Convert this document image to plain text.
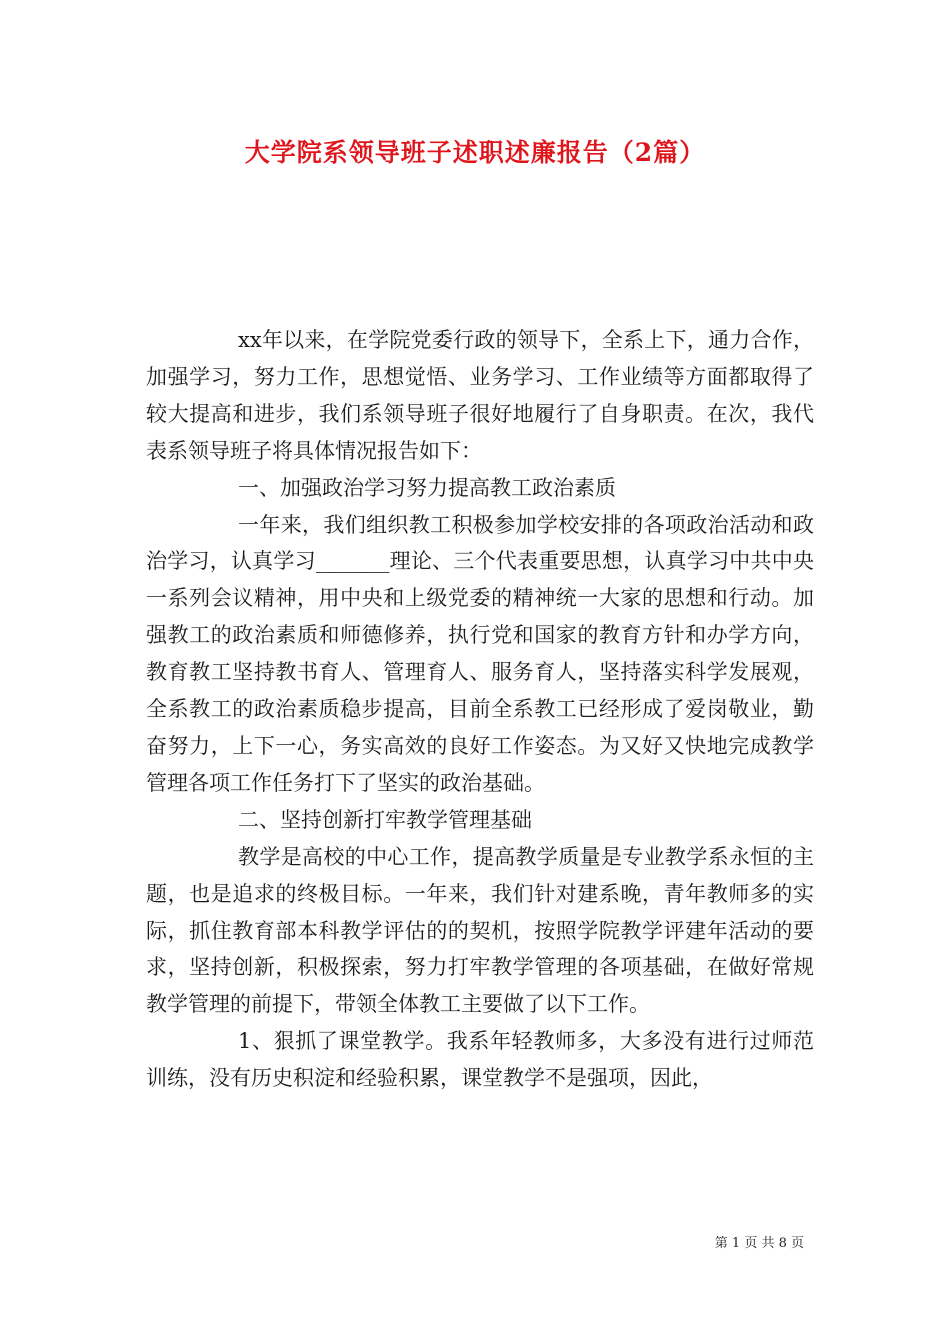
大学院系领导班子述职述廉报告（2篇）

xx年以来，在学院党委行政的领导下，全系上下，通力合作，加强学习，努力工作，思想觉悟、业务学习、工作业绩等方面都取得了较大提高和进步，我们系领导班子很好地履行了自身职责。在次，我代表系领导班子将具体情况报告如下：

一、加强政治学习努力提高教工政治素质

一年来，我们组织教工积极参加学校安排的各项政治活动和政治学习，认真学习_______理论、三个代表重要思想，认真学习中共中央一系列会议精神，用中央和上级党委的精神统一大家的思想和行动。加强教工的政治素质和师德修养，执行党和国家的教育方针和办学方向，教育教工坚持教书育人、管理育人、服务育人，坚持落实科学发展观，全系教工的政治素质稳步提高，目前全系教工已经形成了爱岗敬业，勤奋努力，上下一心，务实高效的良好工作姿态。为又好又快地完成教学管理各项工作任务打下了坚实的政治基础。

二、坚持创新打牢教学管理基础

教学是高校的中心工作，提高教学质量是专业教学系永恒的主题，也是追求的终极目标。一年来，我们针对建系晚，青年教师多的实际，抓住教育部本科教学评估的的契机，按照学院教学评建年活动的要求，坚持创新，积极探索，努力打牢教学管理的各项基础，在做好常规教学管理的前提下，带领全体教工主要做了以下工作。

1、狠抓了课堂教学。我系年轻教师多，大多没有进行过师范训练，没有历史积淀和经验积累，课堂教学不是强项，因此，

第 1 页 共 8 页
